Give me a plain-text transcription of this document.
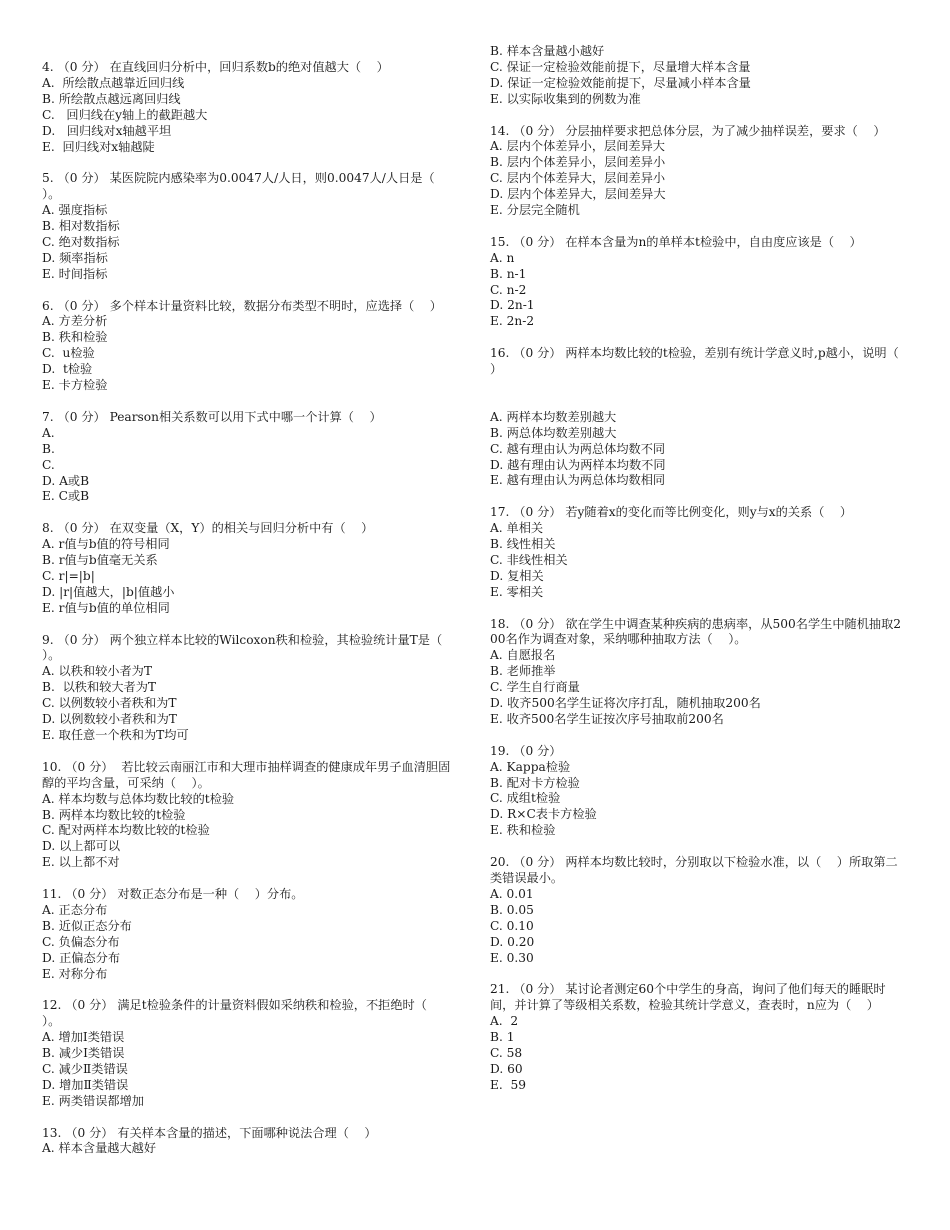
4. （0 分） 在直线回归分析中，回归系数b的绝对值越大（    ）
A.  所绘散点越靠近回归线
B. 所绘散点越远离回归线
C.   回归线在y轴上的截距越大
D.   回归线对x轴越平坦
E.  回归线对x轴越陡
5. （0 分） 某医院院内感染率为0.0047人/人日，则0.0047人/人日是（    ）。
A. 强度指标
B. 相对数指标
C. 绝对数指标
D. 频率指标
E. 时间指标
6. （0 分） 多个样本计量资料比较，数据分布类型不明时，应选择（    ）
A. 方差分析
B. 秩和检验
C.  u检验
D.  t检验
E. 卡方检验
7. （0 分） Pearson相关系数可以用下式中哪一个计算（    ）
A.
B.
C.
D. A或B
E. C或B
8. （0 分） 在双变量（X，Y）的相关与回归分析中有（    ）
A. r值与b值的符号相同
B. r值与b值毫无关系
C. r|=|b|
D. |r|值越大，|b|值越小
E. r值与b值的单位相同
9. （0 分） 两个独立样本比较的Wilcoxon秩和检验，其检验统计量T是（    ）。
A. 以秩和较小者为T
B.  以秩和较大者为T
C. 以例数较小者秩和为T
D. 以例数较小者秩和为T
E. 取任意一个秩和为T均可
10. （0 分）  若比较云南丽江市和大理市抽样调查的健康成年男子血清胆固醇的平均含量，可采纳（    ）。
A. 样本均数与总体均数比较的t检验
B. 两样本均数比较的t检验
C. 配对两样本均数比较的t检验
D. 以上都可以
E. 以上都不对
11. （0 分） 对数正态分布是一种（    ）分布。
A. 正态分布
B. 近似正态分布
C. 负偏态分布
D. 正偏态分布
E. 对称分布
12. （0 分） 满足t检验条件的计量资料假如采纳秩和检验，不拒绝时（    ）。
A. 增加Ⅰ类错误
B. 减少Ⅰ类错误
C. 减少Ⅱ类错误
D. 增加Ⅱ类错误
E. 两类错误都增加
13. （0 分） 有关样本含量的描述，下面哪种说法合理（    ）
A. 样本含量越大越好
B. 样本含量越小越好
C. 保证一定检验效能前提下，尽量增大样本含量
D. 保证一定检验效能前提下，尽量减小样本含量
E. 以实际收集到的例数为准
14. （0 分） 分层抽样要求把总体分层，为了减少抽样误差，要求（    ）
A. 层内个体差异小，层间差异大
B. 层内个体差异小，层间差异小
C. 层内个体差异大，层间差异小
D. 层内个体差异大，层间差异大
E. 分层完全随机
15. （0 分） 在样本含量为n的单样本t检验中，自由度应该是（    ）
A. n
B. n-1
C. n-2
D. 2n-1
E. 2n-2
16. （0 分） 两样本均数比较的t检验，差别有统计学意义时,p越小，说明（    ）
A. 两样本均数差别越大
B. 两总体均数差别越大
C. 越有理由认为两总体均数不同
D. 越有理由认为两样本均数不同
E. 越有理由认为两总体均数相同
17. （0 分） 若y随着x的变化而等比例变化，则y与x的关系（    ）
A. 单相关
B. 线性相关
C. 非线性相关
D. 复相关
E. 零相关
18. （0 分） 欲在学生中调查某种疾病的患病率，从500名学生中随机抽取200名作为调查对象，采纳哪种抽取方法（    ）。
A. 自愿报名
B. 老师推举
C. 学生自行商量
D. 收齐500名学生证将次序打乱，随机抽取200名
E. 收齐500名学生证按次序号抽取前200名
19. （0 分）
A. Kappa检验
B. 配对卡方检验
C. 成组t检验
D. R×C表卡方检验
E. 秩和检验
20. （0 分） 两样本均数比较时，分别取以下检验水准，以（    ）所取第二类错误最小。
A. 0.01
B. 0.05
C. 0.10
D. 0.20
E. 0.30
21. （0 分） 某讨论者测定60个中学生的身高，询问了他们每天的睡眠时间，并计算了等级相关系数，检验其统计学意义，查表时，n应为（    ）
A.  2
B. 1
C. 58
D. 60
E.  59
